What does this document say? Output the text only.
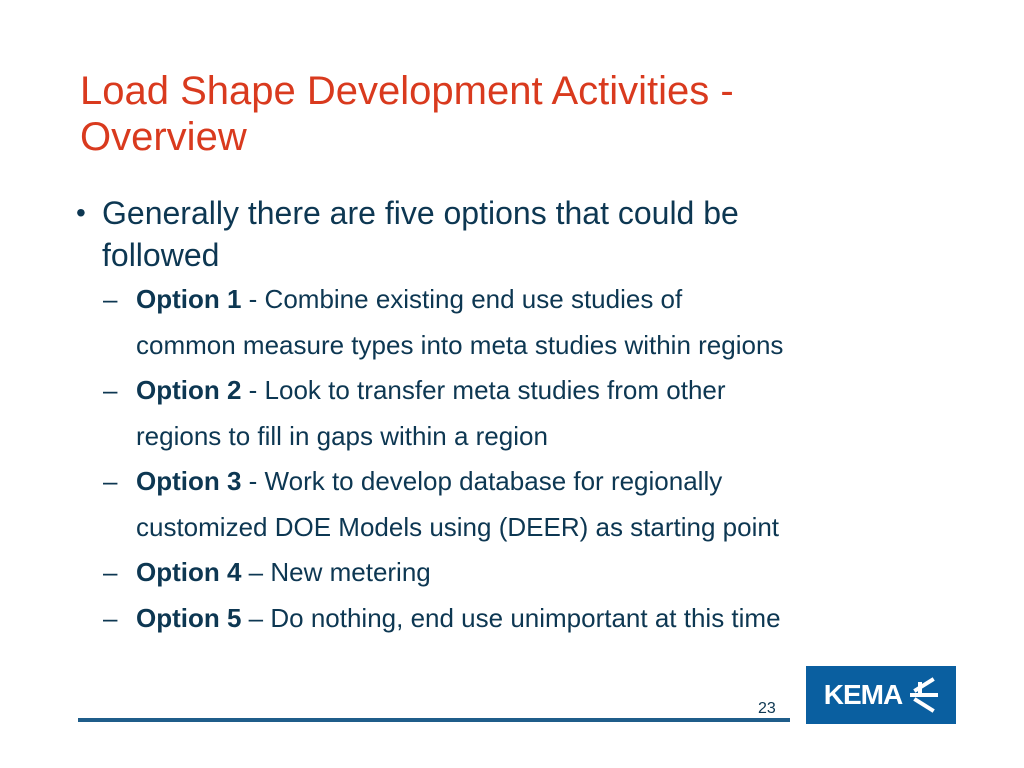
Load Shape Development Activities -
Overview
• Generally there are five options that could be
followed
– Option 1 - Combine existing end use studies of
common measure types into meta studies within regions
– Option 2 - Look to transfer meta studies from other
regions to fill in gaps within a region
– Option 3 - Work to develop database for regionally
customized DOE Models using (DEER) as starting point
– Option 4 – New metering
– Option 5 – Do nothing, end use unimportant at this time
23 KEMA
